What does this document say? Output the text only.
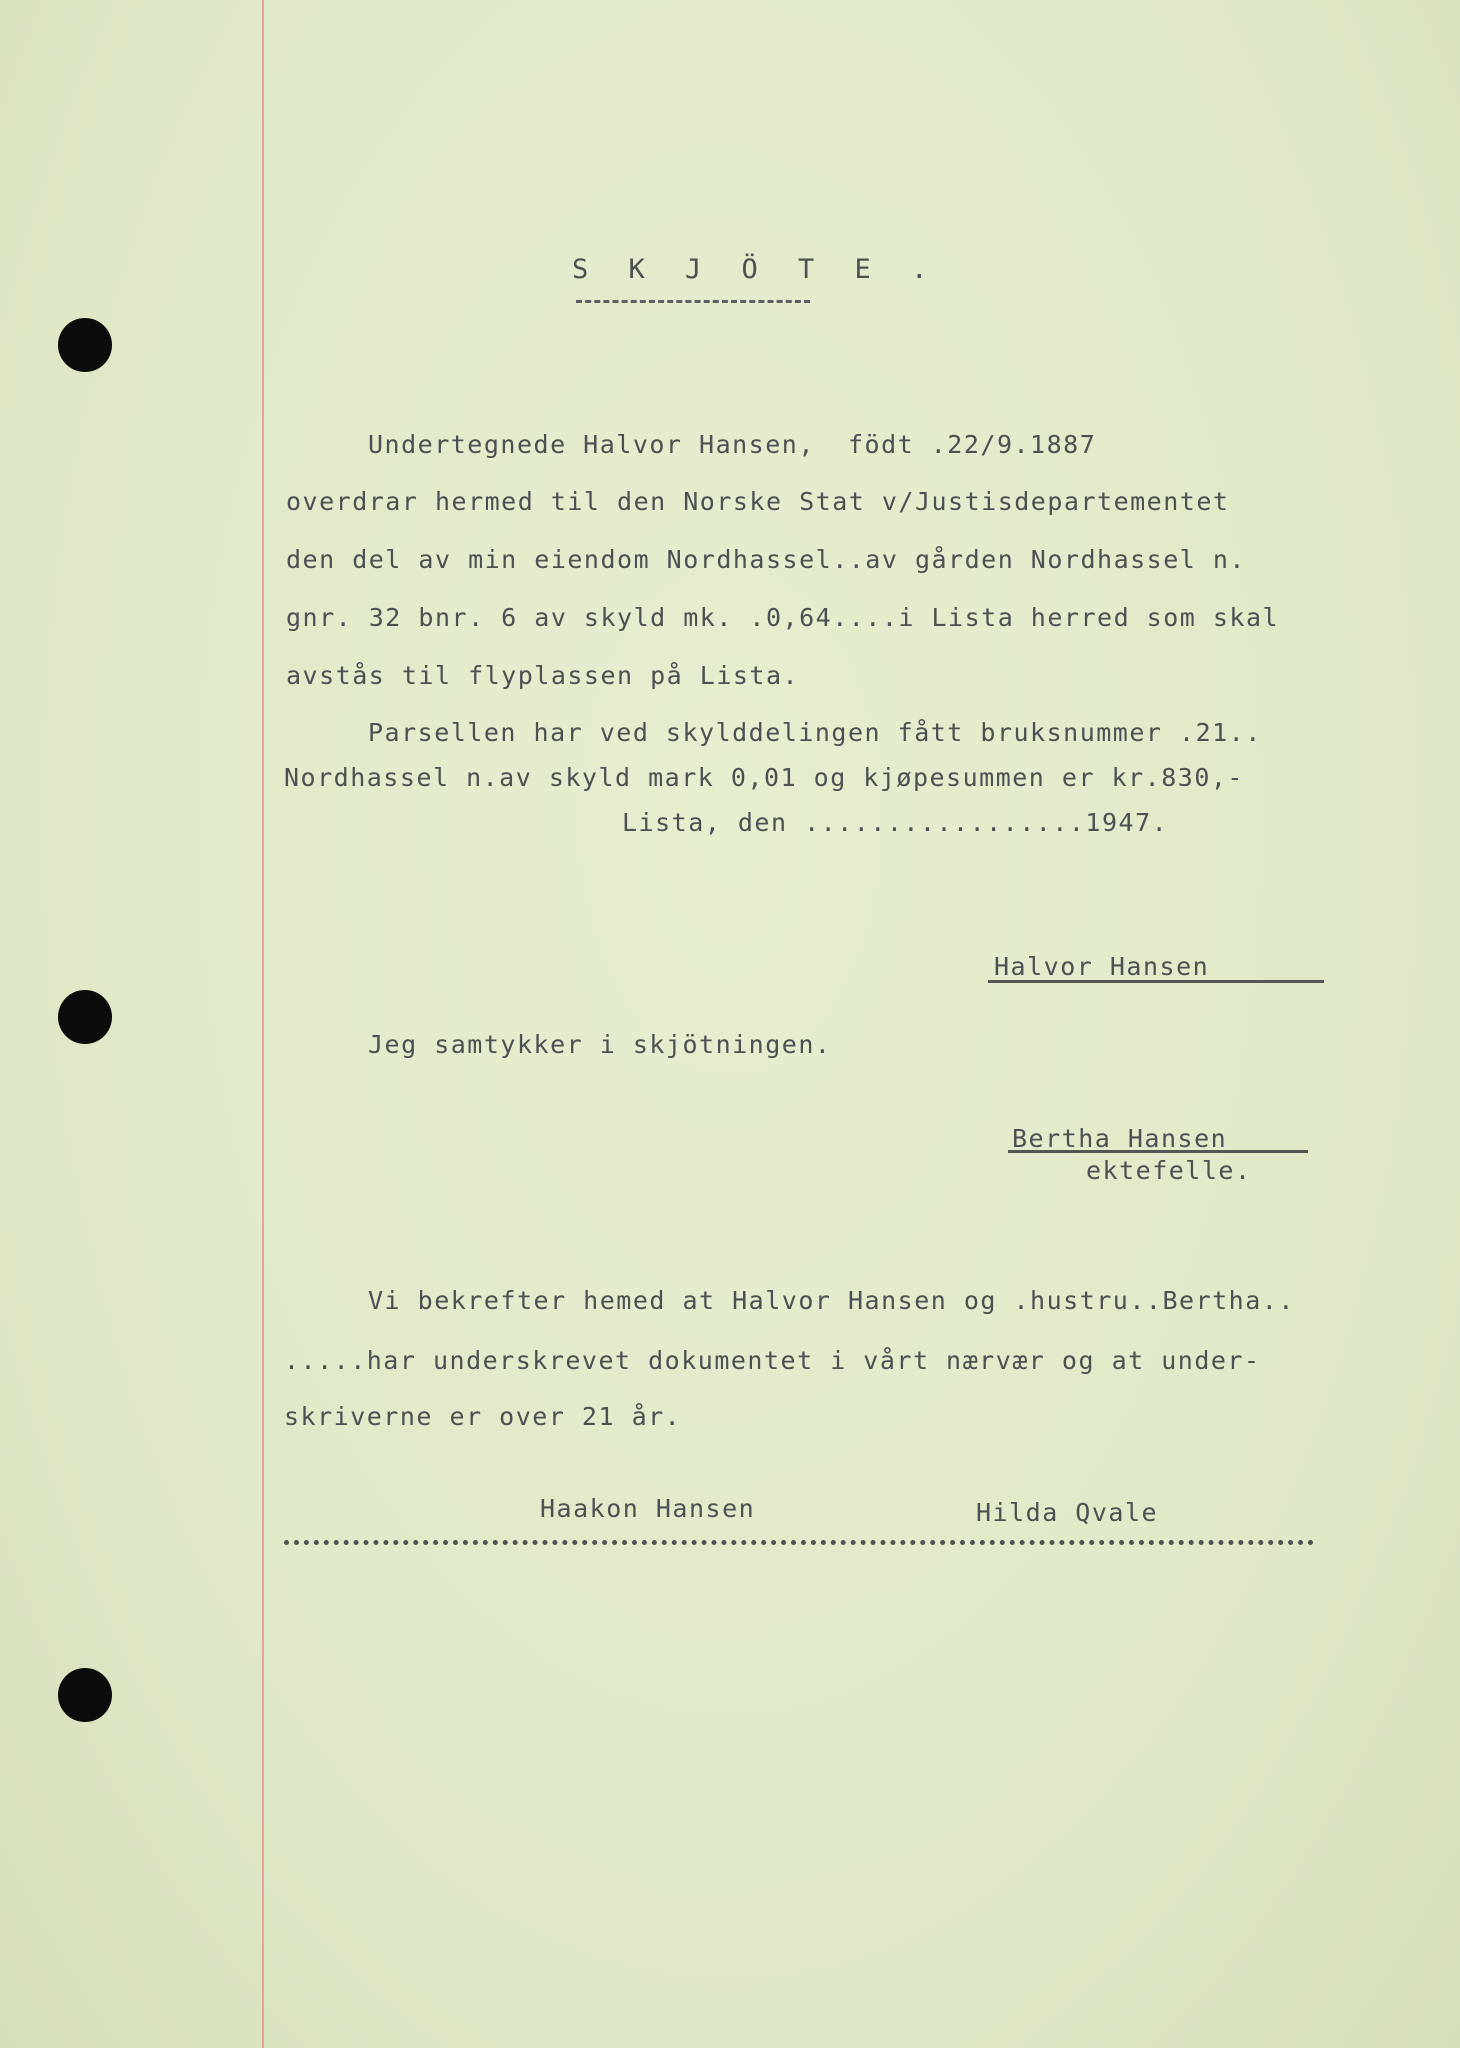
S K J Ö T E .
Undertegnede Halvor Hansen,  födt .22/9.1887
overdrar hermed til den Norske Stat v/Justisdepartementet
den del av min eiendom Nordhassel..av gården Nordhassel n.
gnr. 32 bnr. 6 av skyld mk. .0,64....i Lista herred som skal
avstås til flyplassen på Lista.
Parsellen har ved skylddelingen fått bruksnummer .21..
Nordhassel n.av skyld mark 0,01 og kjøpesummen er kr.830,-
Lista, den .................1947.
Halvor Hansen
Jeg samtykker i skjötningen.
Bertha Hansen
ektefelle.
Vi bekrefter hemed at Halvor Hansen og .hustru..Bertha..
.....har underskrevet dokumentet i vårt nærvær og at under-
skriverne er over 21 år.
Haakon Hansen	Hilda Qvale
